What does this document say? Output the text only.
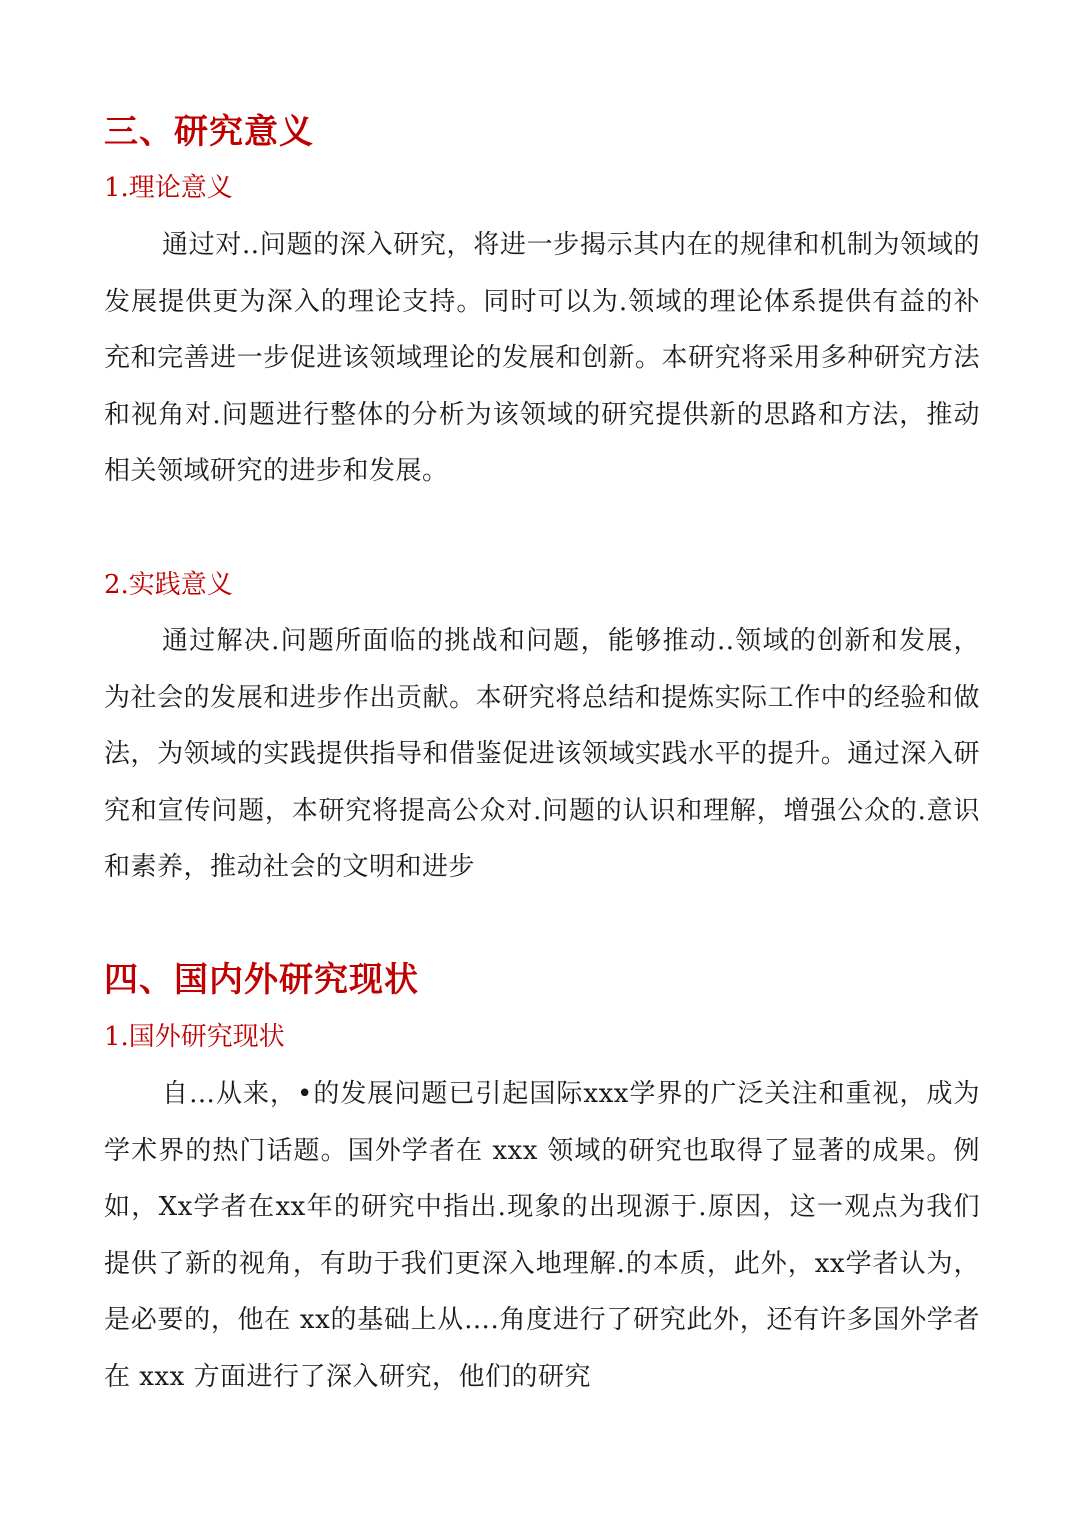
三、研究意义
1.理论意义

通过对..问题的深入研究，将进一步揭示其内在的规律和机制为领域的发展提供更为深入的理论支持。同时可以为.领域的理论体系提供有益的补充和完善进一步促进该领域理论的发展和创新。本研究将采用多种研究方法和视角对.问题进行整体的分析为该领域的研究提供新的思路和方法，推动相关领域研究的进步和发展。

2.实践意义

通过解决.问题所面临的挑战和问题，能够推动..领域的创新和发展，为社会的发展和进步作出贡献。本研究将总结和提炼实际工作中的经验和做法，为领域的实践提供指导和借鉴促进该领域实践水平的提升。通过深入研究和宣传问题，本研究将提高公众对.问题的认识和理解，增强公众的.意识和素养，推动社会的文明和进步

四、国内外研究现状
1.国外研究现状

自…从来，•的发展问题已引起国际xxx学界的广泛关注和重视，成为学术界的热门话题。国外学者在 xxx 领域的研究也取得了显著的成果。例如，Xx学者在xx年的研究中指出.现象的出现源于.原因，这一观点为我们提供了新的视角，有助于我们更深入地理解.的本质，此外，xx学者认为，是必要的，他在 xx的基础上从….角度进行了研究此外，还有许多国外学者在 xxx 方面进行了深入研究，他们的研究
